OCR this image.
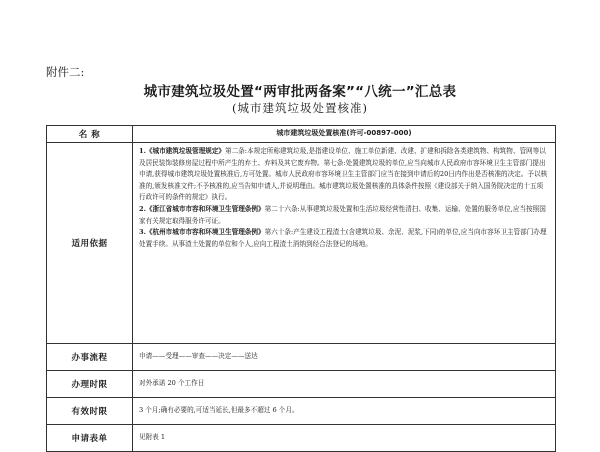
附件二:
城市建筑垃圾处置“两审批两备案”“八统一”汇总表
(城市建筑垃圾处置核准)
名 称	城市建筑垃圾处置核准(许可-00897-000)
适用依据	1.《城市建筑垃圾管理规定》第二条:本规定所称建筑垃圾,是指建设单位、施工单位新建、改建、扩建和拆除各类建筑物、构筑物、管网等以及居民装饰装修房屋过程中所产生的弃土、弃料及其它废弃物。第七条:处置建筑垃圾的单位,应当向城市人民政府市容环境卫生主管部门提出申请,获得城市建筑垃圾处置核准后,方可处置。城市人民政府市容环境卫生主管部门应当在接到申请后的20日内作出是否核准的决定。予以核准的,颁发核准文件;不予核准的,应当告知申请人,并说明理由。城市建筑垃圾处置核准的具体条件按照《建设部关于纳入国务院决定的十五项行政许可的条件的规定》执行。
2.《浙江省城市市容和环境卫生管理条例》第二十六条:从事建筑垃圾处置和生活垃圾经营性清扫、收集、运输、处置的服务单位,应当按照国家有关规定取得服务许可证。
3.《杭州市城市市容和环境卫生管理条例》第六十条:产生建设工程渣土(含建筑垃圾、余泥、泥浆,下同)的单位,应当向市容环卫主管部门办理处置手续。从事渣土处置的单位和个人,应向工程渣土消纳到经合法登记的场地。

办事流程	申请——受理——审查——决定——送达
办理时限	对外承诺 20 个工作日
有效时限	3 个月;确有必要的,可适当延长,但最多不超过 6 个月。
申请表单	见附表 1
